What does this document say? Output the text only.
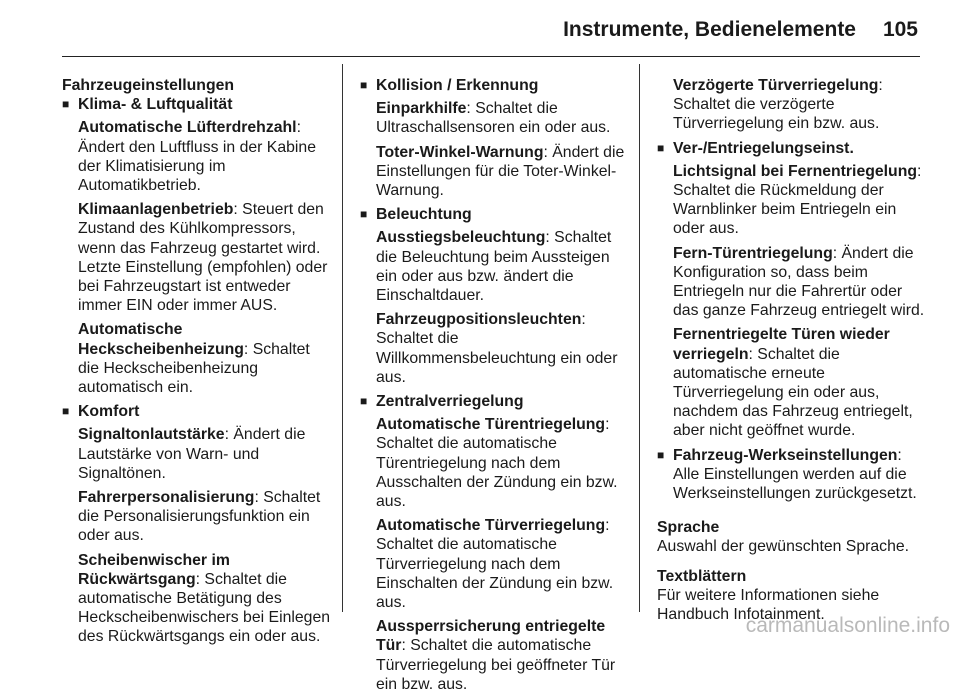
Instrumente, Bedienelemente 105
Fahrzeugeinstellungen
■ Klima- & Luftqualität
Automatische Lüfterdrehzahl: Ändert den Luftfluss in der Kabine der Klimatisierung im Automatikbetrieb.
Klimaanlagenbetrieb: Steuert den Zustand des Kühlkompressors, wenn das Fahrzeug gestartet wird. Letzte Einstellung (empfohlen) oder bei Fahrzeugstart ist entweder immer EIN oder immer AUS.
Automatische Heckscheibenheizung: Schaltet die Heckscheibenheizung automatisch ein.
■ Komfort
Signaltonlautstärke: Ändert die Lautstärke von Warn- und Signaltönen.
Fahrerpersonalisierung: Schaltet die Personalisierungsfunktion ein oder aus.
Scheibenwischer im Rückwärtsgang: Schaltet die automatische Betätigung des Heckscheibenwischers bei Einlegen des Rückwärtsgangs ein oder aus.
■ Kollision / Erkennung
Einparkhilfe: Schaltet die Ultraschallsensoren ein oder aus.
Toter-Winkel-Warnung: Ändert die Einstellungen für die Toter-Winkel-Warnung.
■ Beleuchtung
Ausstiegsbeleuchtung: Schaltet die Beleuchtung beim Aussteigen ein oder aus bzw. ändert die Einschaltdauer.
Fahrzeugpositionsleuchten: Schaltet die Willkommensbeleuchtung ein oder aus.
■ Zentralverriegelung
Automatische Türentriegelung: Schaltet die automatische Türentriegelung nach dem Ausschalten der Zündung ein bzw. aus.
Automatische Türverriegelung: Schaltet die automatische Türverriegelung nach dem Einschalten der Zündung ein bzw. aus.
Aussperrsicherung entriegelte Tür: Schaltet die automatische Türverriegelung bei geöffneter Tür ein bzw. aus.
Verzögerte Türverriegelung: Schaltet die verzögerte Türverriegelung ein bzw. aus.
■ Ver-/Entriegelungseinst.
Lichtsignal bei Fernentriegelung: Schaltet die Rückmeldung der Warnblinker beim Entriegeln ein oder aus.
Fern-Türentriegelung: Ändert die Konfiguration so, dass beim Entriegeln nur die Fahrertür oder das ganze Fahrzeug entriegelt wird.
Fernentriegelte Türen wieder verriegeln: Schaltet die automatische erneute Türverriegelung ein oder aus, nachdem das Fahrzeug entriegelt, aber nicht geöffnet wurde.
■ Fahrzeug-Werkseinstellungen: Alle Einstellungen werden auf die Werkseinstellungen zurückgesetzt.
Sprache
Auswahl der gewünschten Sprache.
Textblättern
Für weitere Informationen siehe Handbuch Infotainment.
carmanualsonline.info
